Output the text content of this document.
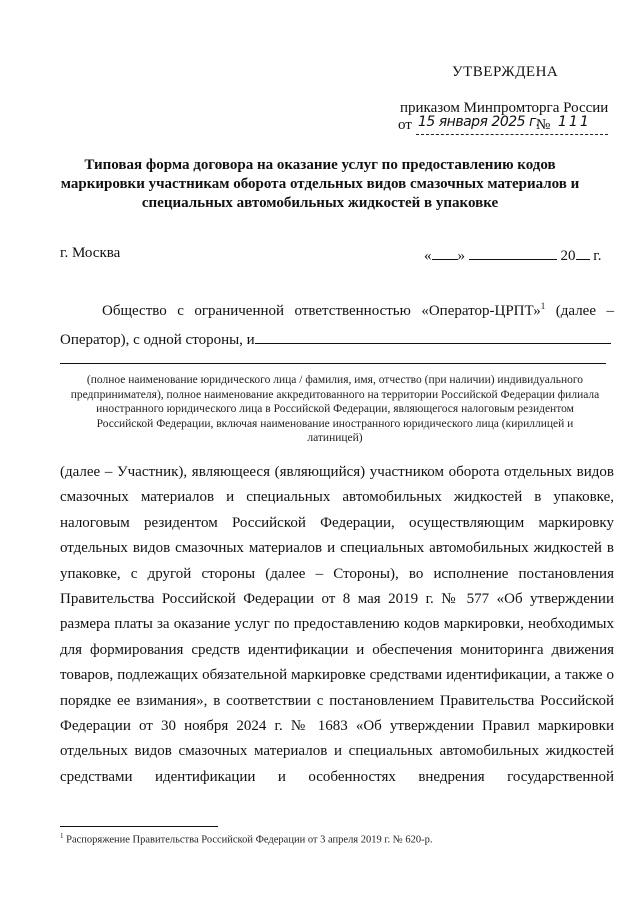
УТВЕРЖДЕНА
приказом Минпромторга России
от 15 января 2025 г.
№ 111
Типовая форма договора на оказание услуг по предоставлению кодов маркировки участникам оборота отдельных видов смазочных материалов и специальных автомобильных жидкостей в упаковке
г. Москва	« »	20 г.
Общество с ограниченной ответственностью «Оператор-ЦРПТ»$^1$ (далее – Оператор), с одной стороны, и
(полное наименование юридического лица / фамилия, имя, отчество (при наличии) индивидуального предпринимателя), полное наименование аккредитованного на территории Российской Федерации филиала иностранного юридического лица в Российской Федерации, являющегося налоговым резидентом Российской Федерации, включая наименование иностранного юридического лица (кириллицей и латиницей)
(далее – Участник), являющееся (являющийся) участником оборота отдельных видов смазочных материалов и специальных автомобильных жидкостей в упаковке, налоговым резидентом Российской Федерации, осуществляющим маркировку отдельных видов смазочных материалов и специальных автомобильных жидкостей в упаковке, с другой стороны (далее – Стороны), во исполнение постановления Правительства Российской Федерации от 8 мая 2019 г. № 577 «Об утверждении размера платы за оказание услуг по предоставлению кодов маркировки, необходимых для формирования средств идентификации и обеспечения мониторинга движения товаров, подлежащих обязательной маркировке средствами идентификации, а также о порядке ее взимания», в соответствии с постановлением Правительства Российской Федерации от 30 ноября 2024 г. № 1683 «Об утверждении Правил маркировки отдельных видов смазочных материалов и специальных автомобильных жидкостей средствами идентификации и особенностях внедрения государственной
$^1$ Распоряжение Правительства Российской Федерации от 3 апреля 2019 г. № 620-р.
